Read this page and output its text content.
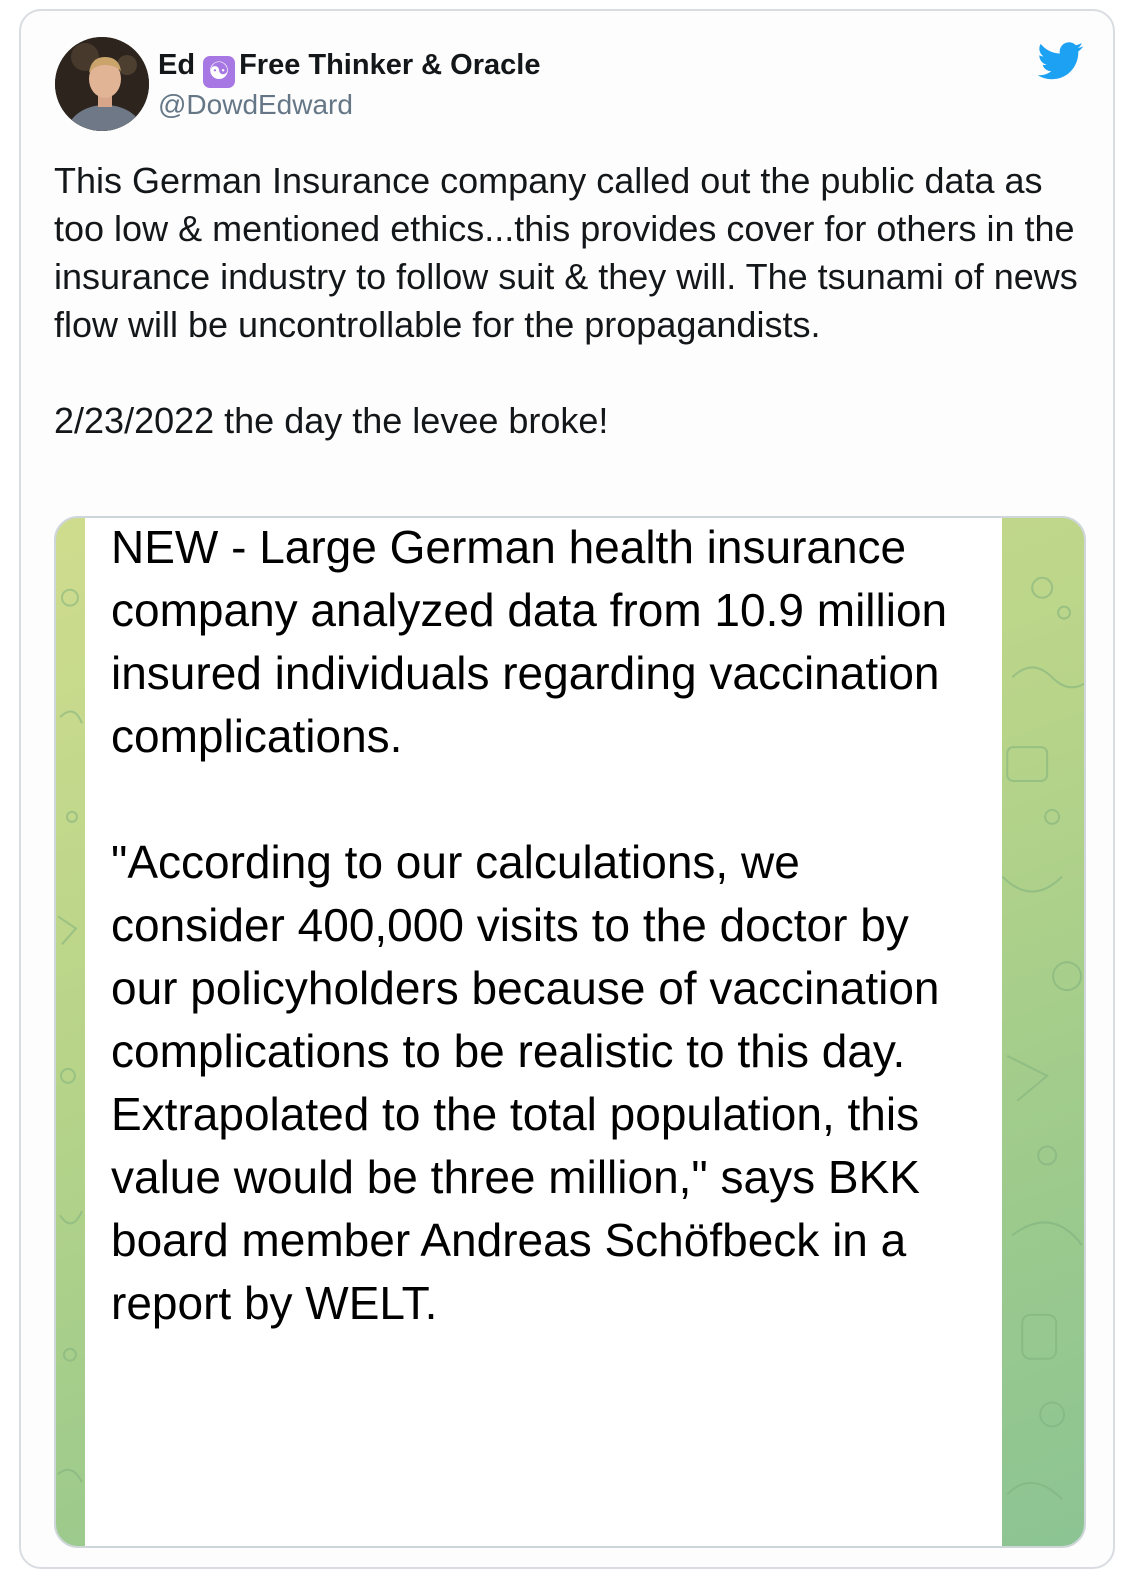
Ed ☯ Free Thinker & Oracle
@DowdEdward

This German Insurance company called out the public data as too low & mentioned ethics...this provides cover for others in the insurance industry to follow suit & they will. The tsunami of news flow will be uncontrollable for the propagandists.

2/23/2022 the day the levee broke!

NEW - Large German health insurance company analyzed data from 10.9 million insured individuals regarding vaccination complications.

"According to our calculations, we consider 400,000 visits to the doctor by our policyholders because of vaccination complications to be realistic to this day. Extrapolated to the total population, this value would be three million," says BKK board member Andreas Schöfbeck in a report by WELT.
